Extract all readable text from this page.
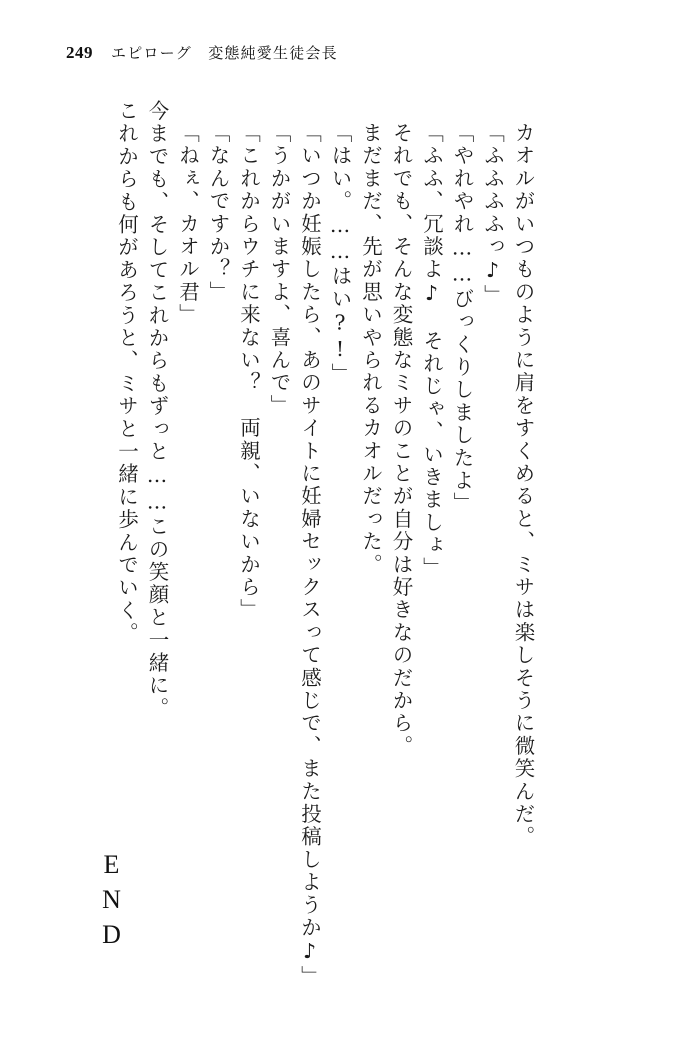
249 エピローグ　変態純愛生徒会長
これからも何があろうと、ミサと一緒に歩んでいく。 今までも、そしてこれからもずっと……この笑顔と一緒に。 「ねぇ、カオル君」 「なんですか？」 「これからウチに来ない？　両親、いないから」 「うかがいますよ、喜んで」 「いつか妊娠したら、あのサイトに妊婦セックスって感じで、また投稿しようか♪」 「はい。……はい?!」 まだまだ、先が思いやられるカオルだった。 それでも、そんな変態なミサのことが自分は好きなのだから。 「ふふ、冗談よ♪　それじゃ、いきましょ」 「やれやれ……びっくりしましたよ」 「ふふふふっ♪」 カオルがいつものように肩をすくめると、ミサは楽しそうに微笑んだ。
END
